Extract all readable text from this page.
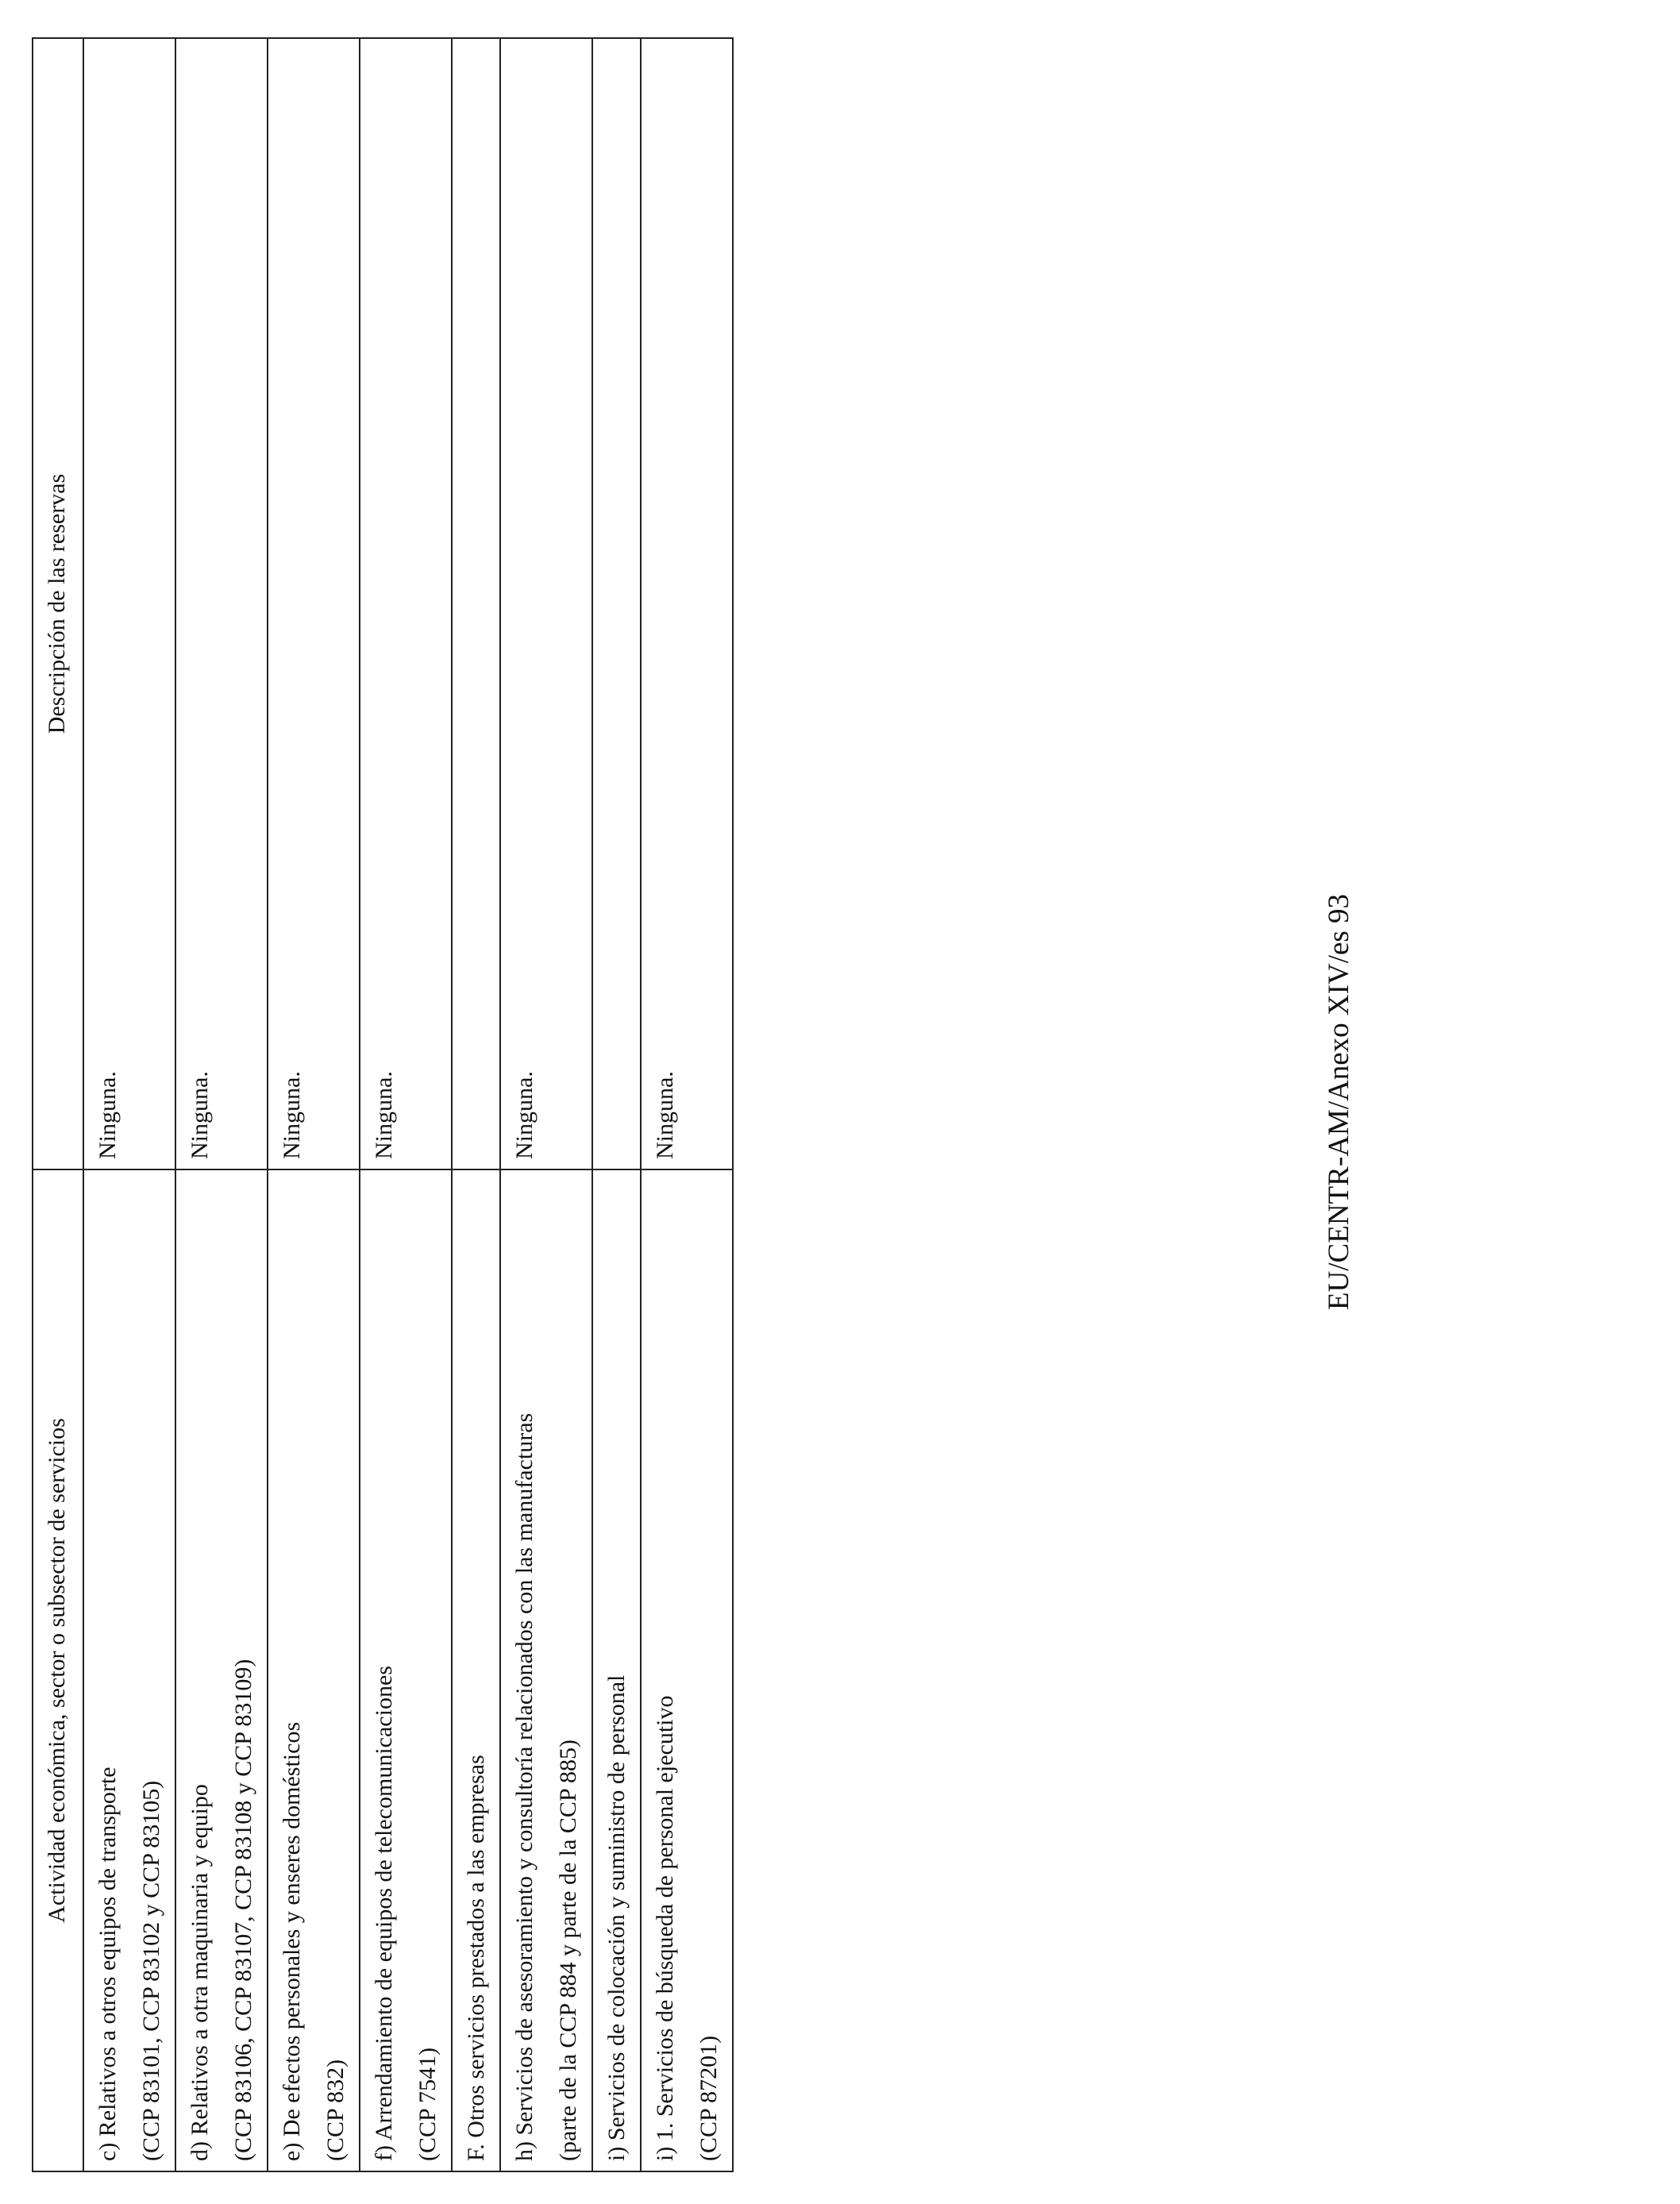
Actividad económica, sector o subsector de servicios	Descripción de las reservas

c) Relativos a otros equipos de transporte (CCP 83101, CCP 83102 y CCP 83105)	Ninguna.

d) Relativos a otra maquinaria y equipo (CCP 83106, CCP 83107, CCP 83108 y CCP 83109)	Ninguna.

e) De efectos personales y enseres domésticos (CCP 832)	Ninguna.

f) Arrendamiento de equipos de telecomunicaciones (CCP 7541)	Ninguna.

F. Otros servicios prestados a las empresas	

h) Servicios de asesoramiento y consultoría relacionados con las manufacturas (parte de la CCP 884 y parte de la CCP 885)	Ninguna.

i) Servicios de colocación y suministro de personal	

i) 1. Servicios de búsqueda de personal ejecutivo (CCP 87201)	Ninguna.	EU/CENTR-AM/Anexo XIV/es 93
